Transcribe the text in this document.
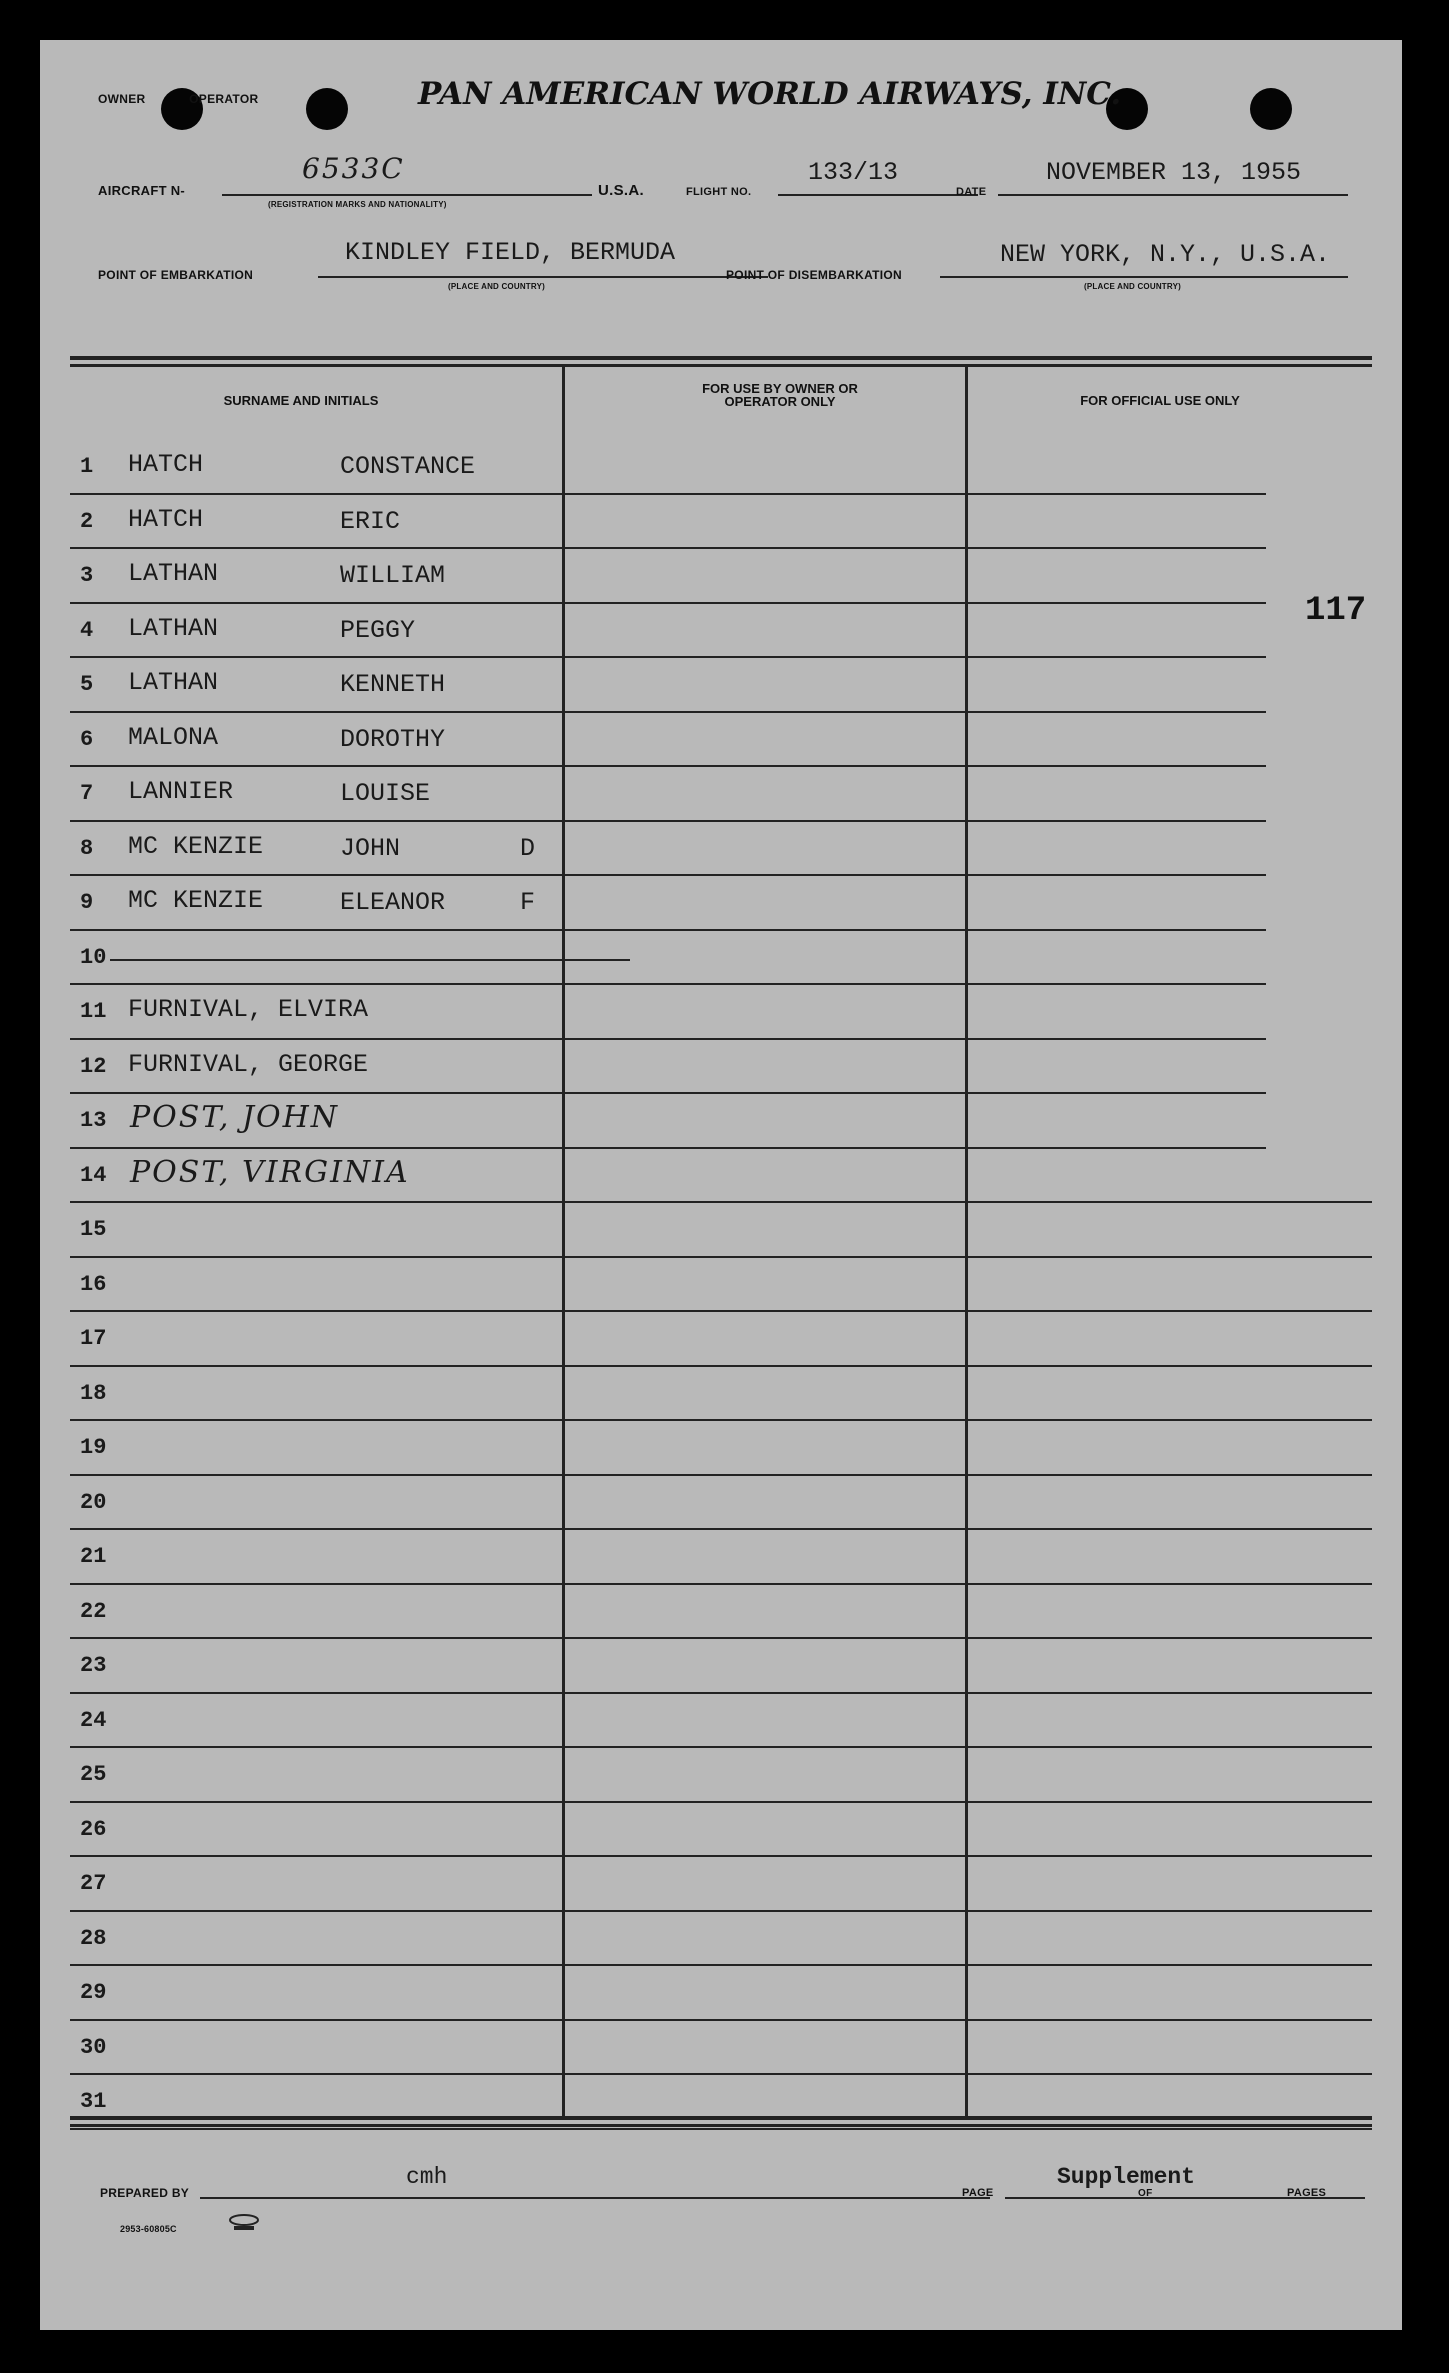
OWNER OPERATOR	PAN AMERICAN WORLD AIRWAYS, INC.
AIRCRAFT N-
6533C
(REGISTRATION MARKS AND NATIONALITY)
U.S.A.	FLIGHT NO.
133/13
DATE
NOVEMBER 13, 1955
POINT OF EMBARKATION
KINDLEY FIELD, BERMUDA
(PLACE AND COUNTRY)
POINT OF DISEMBARKATION
NEW YORK, N.Y., U.S.A.
(PLACE AND COUNTRY)
SURNAME AND INITIALS
FOR USE BY OWNER OR OPERATOR ONLY	FOR OFFICIAL USE ONLY
117
1 HATCH	CONSTANCE
2 HATCH	ERIC
3 LATHAN	WILLIAM
4 LATHAN	PEGGY
5 LATHAN	KENNETH
6 MALONA	DOROTHY
7 LANNIER	LOUISE
8 MC KENZIE	JOHN	D
9 MC KENZIE	ELEANOR	F
10
11 FURNIVAL, ELVIRA
12 FURNIVAL, GEORGE
13 POST, JOHN
14 POST, VIRGINIA
15
16
17
18
19
20
21
22
23
24
25
26
27
28
29
30
31
PREPARED BY
cmh
PAGE
Supplement
OF	PAGES
2953-60805C
